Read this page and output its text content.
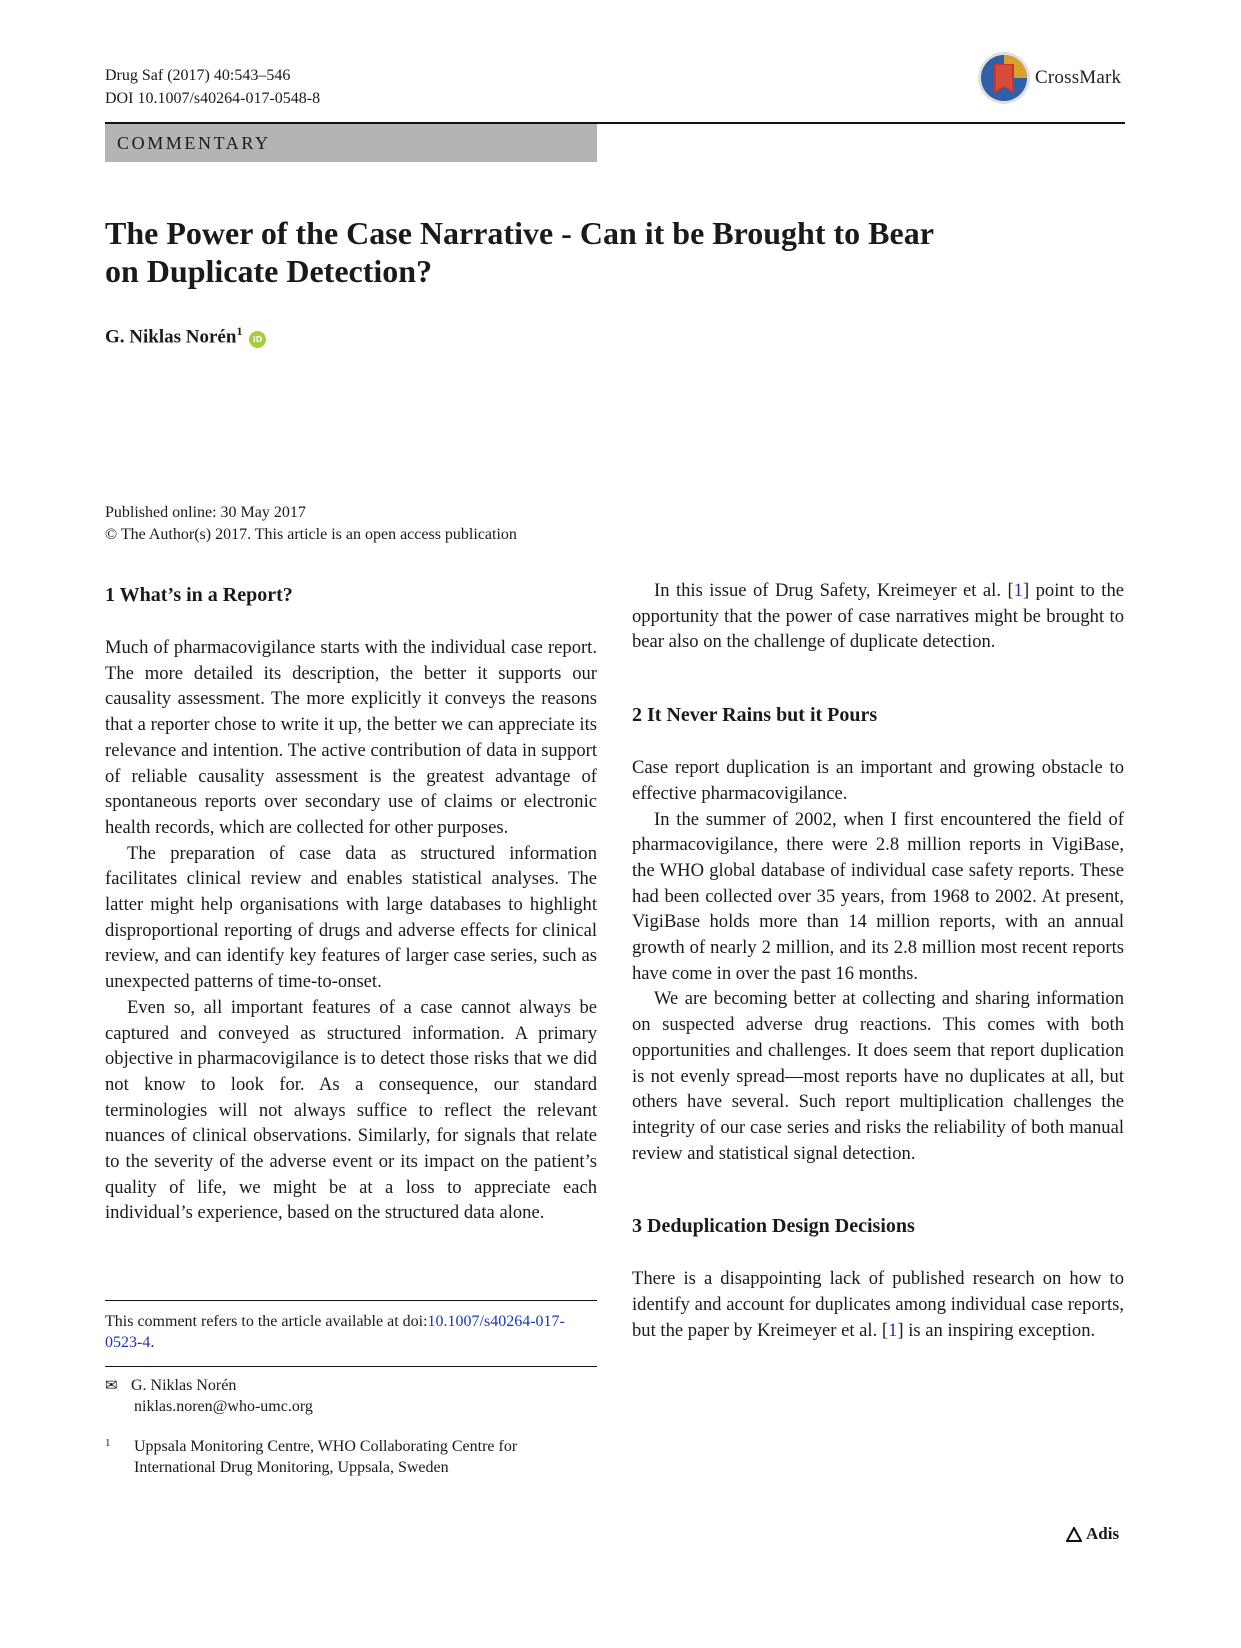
Drug Saf (2017) 40:543–546
DOI 10.1007/s40264-017-0548-8
CrossMark
COMMENTARY
The Power of the Case Narrative - Can it be Brought to Bear
on Duplicate Detection?
G. Niklas Norén$^1$ iD
Published online: 30 May 2017
© The Author(s) 2017. This article is an open access publication
1 What’s in a Report?

Much of pharmacovigilance starts with the individual case report. The more detailed its description, the better it supports our causality assessment. The more explicitly it conveys the reasons that a reporter chose to write it up, the better we can appreciate its relevance and intention. The active contribution of data in support of reliable causality assessment is the greatest advantage of spontaneous reports over secondary use of claims or electronic health records, which are collected for other purposes.

The preparation of case data as structured information facilitates clinical review and enables statistical analyses. The latter might help organisations with large databases to highlight disproportional reporting of drugs and adverse effects for clinical review, and can identify key features of larger case series, such as unexpected patterns of time-to-onset.

Even so, all important features of a case cannot always be captured and conveyed as structured information. A primary objective in pharmacovigilance is to detect those risks that we did not know to look for. As a consequence, our standard terminologies will not always suffice to reflect the relevant nuances of clinical observations. Similarly, for signals that relate to the severity of the adverse event or its impact on the patient’s quality of life, we might be at a loss to appreciate each individual’s experience, based on the structured data alone.

In this issue of Drug Safety, Kreimeyer et al. [1] point to the opportunity that the power of case narratives might be brought to bear also on the challenge of duplicate detection.

2 It Never Rains but it Pours

Case report duplication is an important and growing obstacle to effective pharmacovigilance.

In the summer of 2002, when I first encountered the field of pharmacovigilance, there were 2.8 million reports in VigiBase, the WHO global database of individual case safety reports. These had been collected over 35 years, from 1968 to 2002. At present, VigiBase holds more than 14 million reports, with an annual growth of nearly 2 million, and its 2.8 million most recent reports have come in over the past 16 months.

We are becoming better at collecting and sharing information on suspected adverse drug reactions. This comes with both opportunities and challenges. It does seem that report duplication is not evenly spread—most reports have no duplicates at all, but others have several. Such report multiplication challenges the integrity of our case series and risks the reliability of both manual review and statistical signal detection.

3 Deduplication Design Decisions

There is a disappointing lack of published research on how to identify and account for duplicates among individual case reports, but the paper by Kreimeyer et al. [1] is an inspiring exception.

This comment refers to the article available at doi:10.1007/s40264-017-0523-4.
✉ G. Niklas Norén
niklas.noren@who-umc.org
1 Uppsala Monitoring Centre, WHO Collaborating Centre for International Drug Monitoring, Uppsala, Sweden
Adis
